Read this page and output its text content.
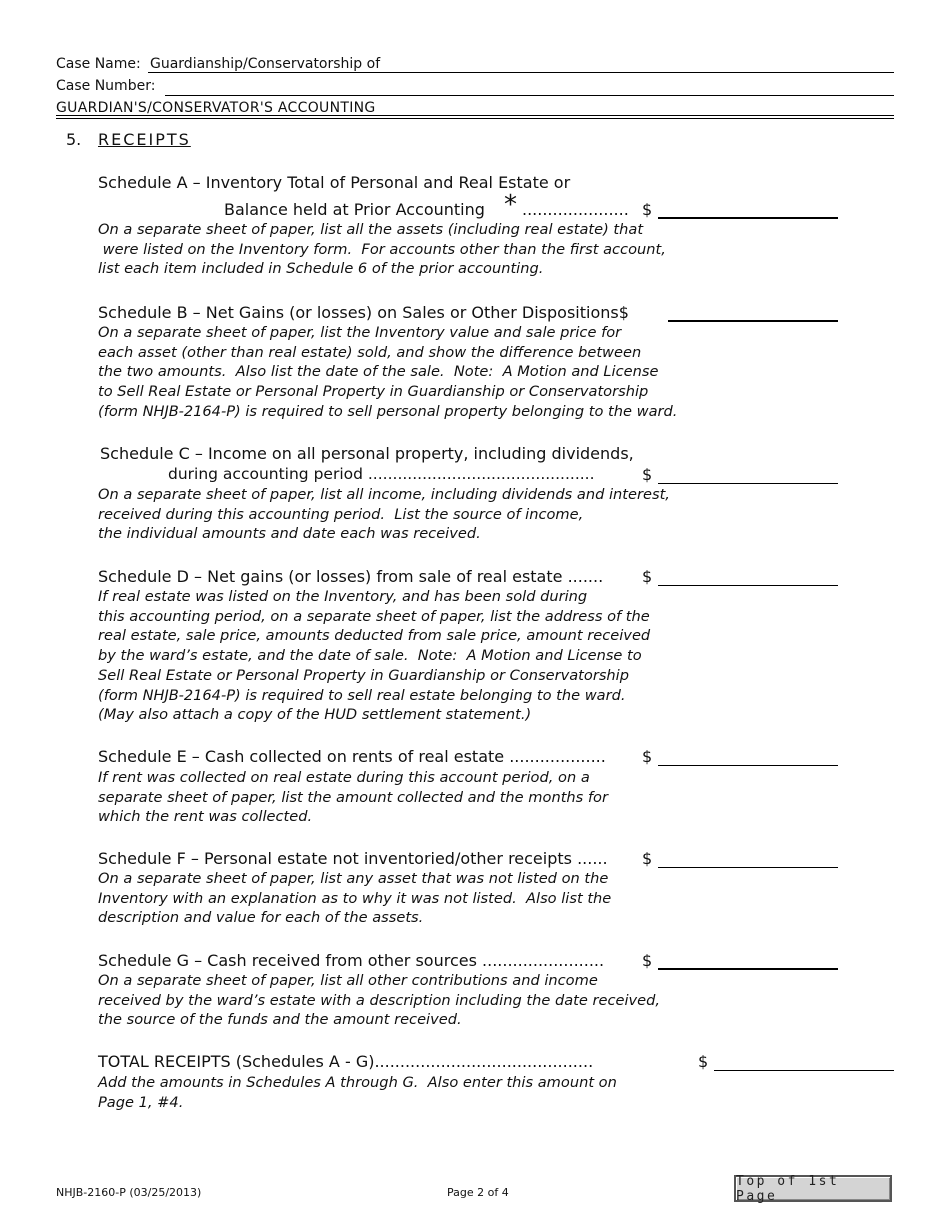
Case Name: Guardianship/Conservatorship of
Case Number:
GUARDIAN'S/CONSERVATOR'S ACCOUNTING
5. RECEIPTS
Schedule A – Inventory Total of Personal and Real Estate or
Balance held at Prior Accounting * ..................... $
On a separate sheet of paper, list all the assets (including real estate) that
were listed on the Inventory form.  For accounts other than the first account,
list each item included in Schedule 6 of the prior accounting.
Schedule B – Net Gains (or losses) on Sales or Other Dispositions$
On a separate sheet of paper, list the Inventory value and sale price for
each asset (other than real estate) sold, and show the difference between
the two amounts.  Also list the date of the sale.  Note:  A Motion and License
to Sell Real Estate or Personal Property in Guardianship or Conservatorship
(form NHJB-2164-P) is required to sell personal property belonging to the ward.
Schedule C – Income on all personal property, including dividends,
during accounting period ..............................................	$
On a separate sheet of paper, list all income, including dividends and interest,
received during this accounting period.  List the source of income,
the individual amounts and date each was received.
Schedule D – Net gains (or losses) from sale of real estate ....... $
If real estate was listed on the Inventory, and has been sold during
this accounting period, on a separate sheet of paper, list the address of the
real estate, sale price, amounts deducted from sale price, amount received
by the ward’s estate, and the date of sale.  Note:  A Motion and License to
Sell Real Estate or Personal Property in Guardianship or Conservatorship
(form NHJB-2164-P) is required to sell real estate belonging to the ward.
(May also attach a copy of the HUD settlement statement.)
Schedule E – Cash collected on rents of real estate ................... $
If rent was collected on real estate during this account period, on a
separate sheet of paper, list the amount collected and the months for
which the rent was collected.
Schedule F – Personal estate not inventoried/other receipts ...... $
On a separate sheet of paper, list any asset that was not listed on the
Inventory with an explanation as to why it was not listed.  Also list the
description and value for each of the assets.
Schedule G – Cash received from other sources ........................ $
On a separate sheet of paper, list all other contributions and income
received by the ward’s estate with a description including the date received,
the source of the funds and the amount received.
TOTAL RECEIPTS (Schedules A - G)...........................................	$
Add the amounts in Schedules A through G.  Also enter this amount on
Page 1, #4.
NHJB-2160-P (03/25/2013)	Page 2 of 4
Top of 1st Page
